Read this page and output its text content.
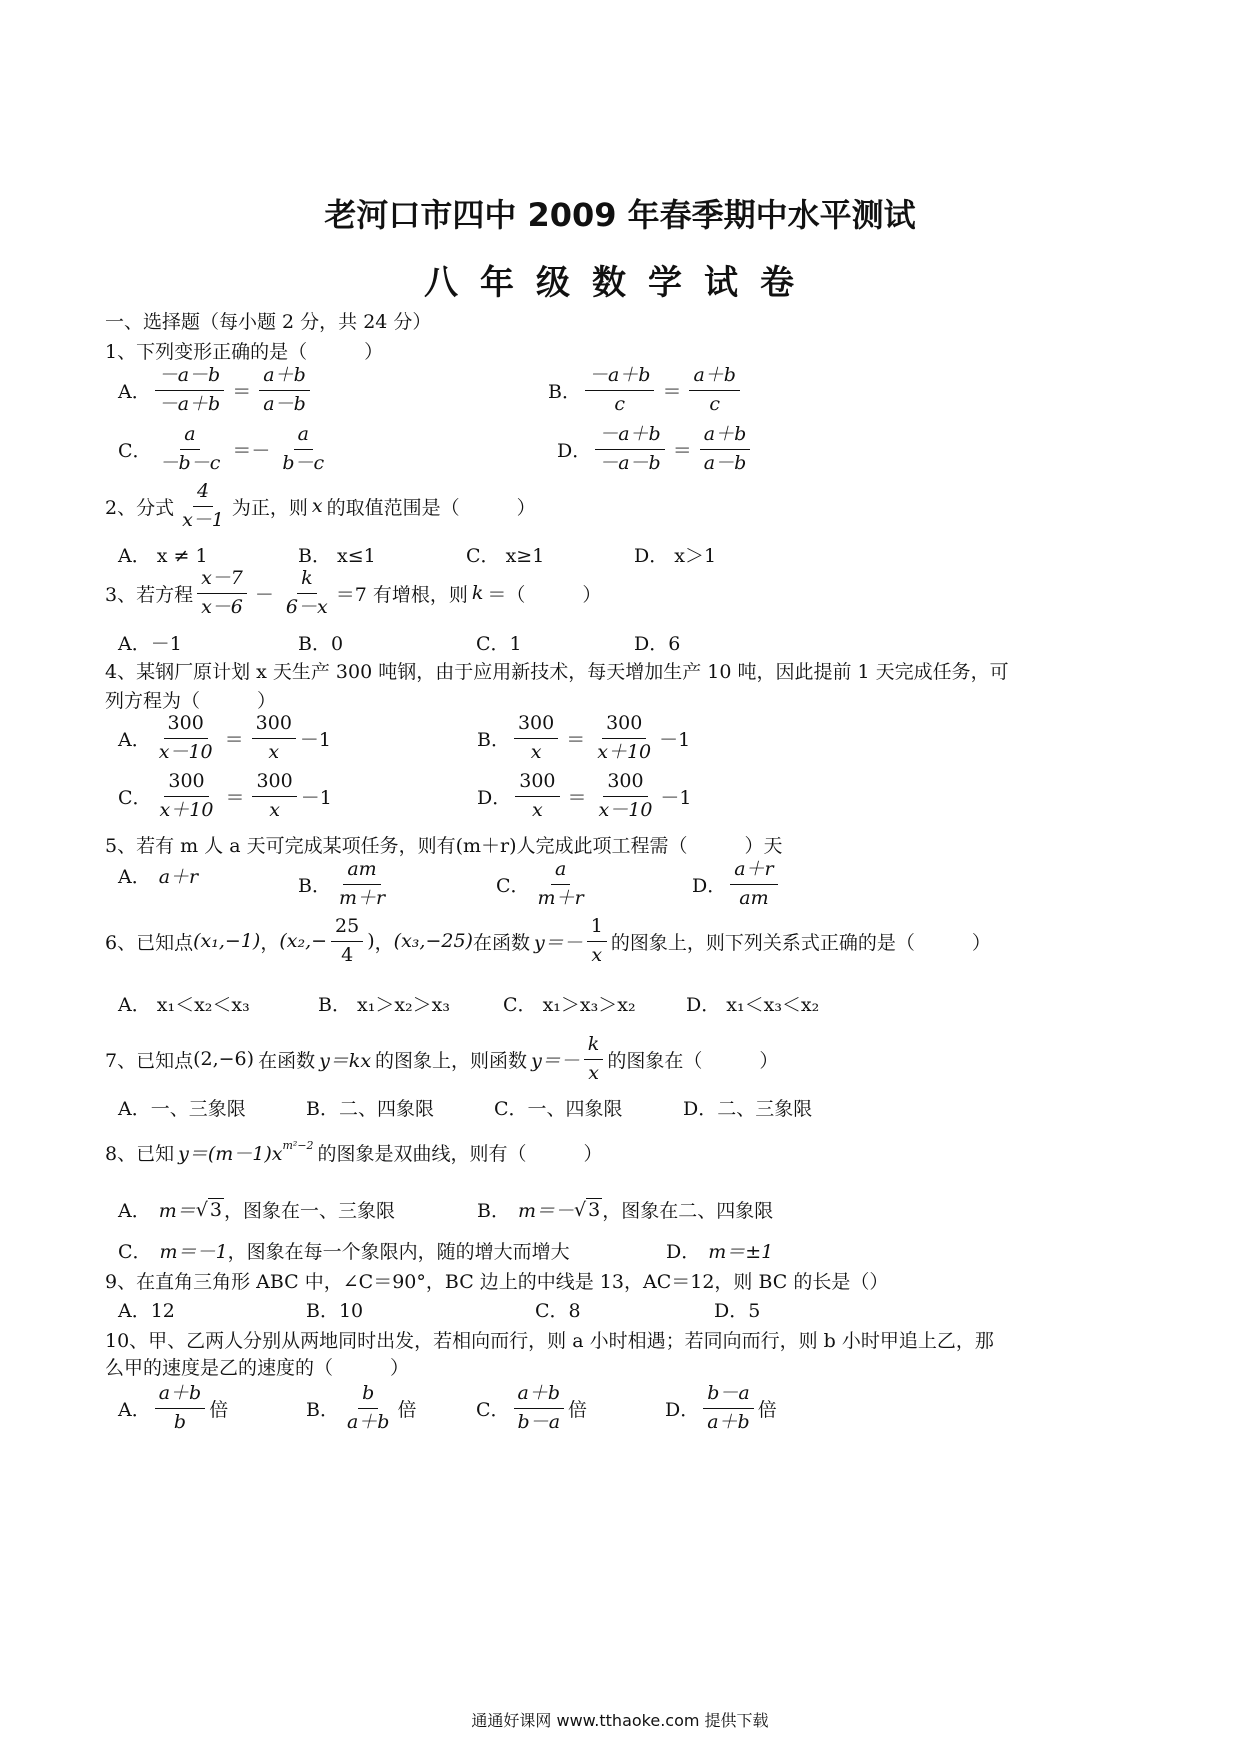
老河口市四中 2009 年春季期中水平测试
八年级数学试卷
一、选择题（每小题 2 分，共 24 分）
1、下列变形正确的是（　　　）
A． $\frac{-a-b}{-a+b} = \frac{a+b}{a-b}$	B． $\frac{-a+b}{c} = \frac{a+b}{c}$
C． $\frac{a}{-b-c} =- \frac{a}{b-c}$	D． $\frac{-a+b}{-a-b} = \frac{a+b}{a-b}$
2、分式 $\frac{4}{x-1}$ 为正，则 x 的取值范围是（　　　）
A． x ≠ 1	B． x≤1	C． x≥1	D． x＞1
3、若方程 $\frac{x-7}{x-6} - \frac{k}{6-x} =7$ 有增根，则 k ＝（　　　）
A．－1	B．0	C．1	D．6
4、某钢厂原计划 x 天生产 300 吨钢，由于应用新技术，每天增加生产 10 吨，因此提前 1 天完成任务，可
列方程为（　　　）
A． $\frac{300}{x-10} = \frac{300}{x} -1$	B． $\frac{300}{x} = \frac{300}{x+10} -1$
C． $\frac{300}{x+10} = \frac{300}{x} -1$	D． $\frac{300}{x} = \frac{300}{x-10} -1$
5、若有 m 人 a 天可完成某项任务，则有(m＋r)人完成此项工程需（　　　）天
A． a＋r	B． $\frac{am}{m+r}$	C． $\frac{a}{m+r}$	D． $\frac{a+r}{am}$
6、已知点 (x₁,−1) ， ($x_2,- \frac{25}{4}$ ) ， (x₃,−25) 在函数 $y=- \frac{1}{x}$ 的图象上，则下列关系式正确的是（　　　）
A． x₁＜x₂＜x₃	B． x₁＞x₂＞x₃	C． x₁＞x₃＞x₂	D． x₁＜x₃＜x₂
7、已知点 (2,−6) 在函数 y＝kx 的图象上，则函数 $y=- \frac{k}{x}$ 的图象在（　　　）
A．一、三象限	B．二、四象限	C．一、四象限	D．二、三象限
8、已知 $y=(m-1)x^{m^2-2}$ 的图象是双曲线，则有（　　　）
A． m＝ √ 3 ，图象在一、三象限	B． m＝－ √ 3 ，图象在二、四象限
C． m＝－1 ，图象在每一个象限内，随的增大而增大	D． m＝±1
9、在直角三角形 ABC 中，∠C＝90°，BC 边上的中线是 13，AC＝12，则 BC 的长是（）
A．12	B．10	C．8	D．5
10、甲、乙两人分别从两地同时出发，若相向而行，则 a 小时相遇；若同向而行，则 b 小时甲追上乙，那
么甲的速度是乙的速度的（　　　）
A． $\frac{a+b}{b}$ 倍	B． $\frac{b}{a+b}$ 倍	C． $\frac{a+b}{b-a}$ 倍	D． $\frac{b-a}{a+b}$ 倍
通通好课网 www.tthaoke.com 提供下载
